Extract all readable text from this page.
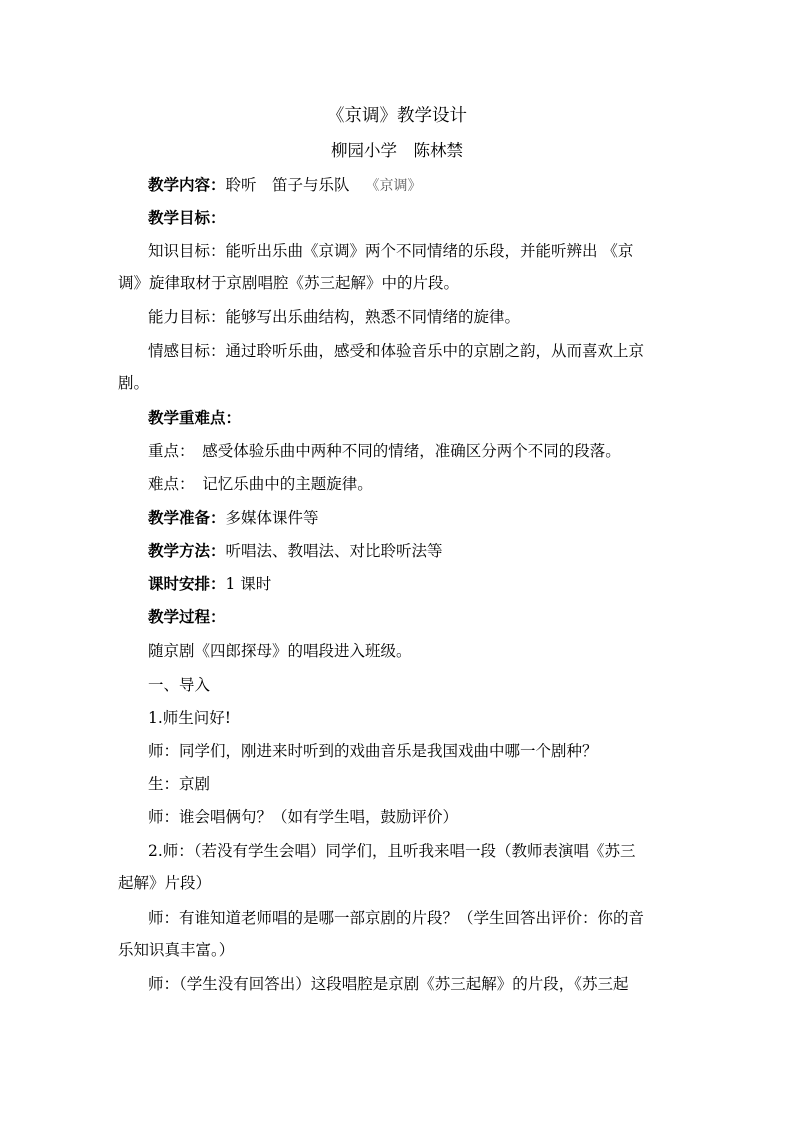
《京调》教学设计
柳园小学　陈林禁
教学内容：聆听　笛子与乐队 《京调》
教学目标：
知识目标：能听出乐曲《京调》两个不同情绪的乐段，并能听辨出 《京
调》旋律取材于京剧唱腔《苏三起解》中的片段。
能力目标：能够写出乐曲结构，熟悉不同情绪的旋律。
情感目标：通过聆听乐曲，感受和体验音乐中的京剧之韵，从而喜欢上京
剧。
教学重难点：
重点：　感受体验乐曲中两种不同的情绪，准确区分两个不同的段落。
难点：　记忆乐曲中的主题旋律。
教学准备：多媒体课件等
教学方法：听唱法、教唱法、对比聆听法等
课时安排：1 课时
教学过程：
随京剧《四郎探母》的唱段进入班级。
一、导入
1.师生问好!
师：同学们，刚进来时听到的戏曲音乐是我国戏曲中哪一个剧种？
生：京剧
师：谁会唱俩句？（如有学生唱，鼓励评价）
2.师：（若没有学生会唱）同学们，且听我来唱一段（教师表演唱《苏三
起解》片段）
师：有谁知道老师唱的是哪一部京剧的片段？（学生回答出评价：你的音
乐知识真丰富。）
师：（学生没有回答出）这段唱腔是京剧《苏三起解》的片段，《苏三起
